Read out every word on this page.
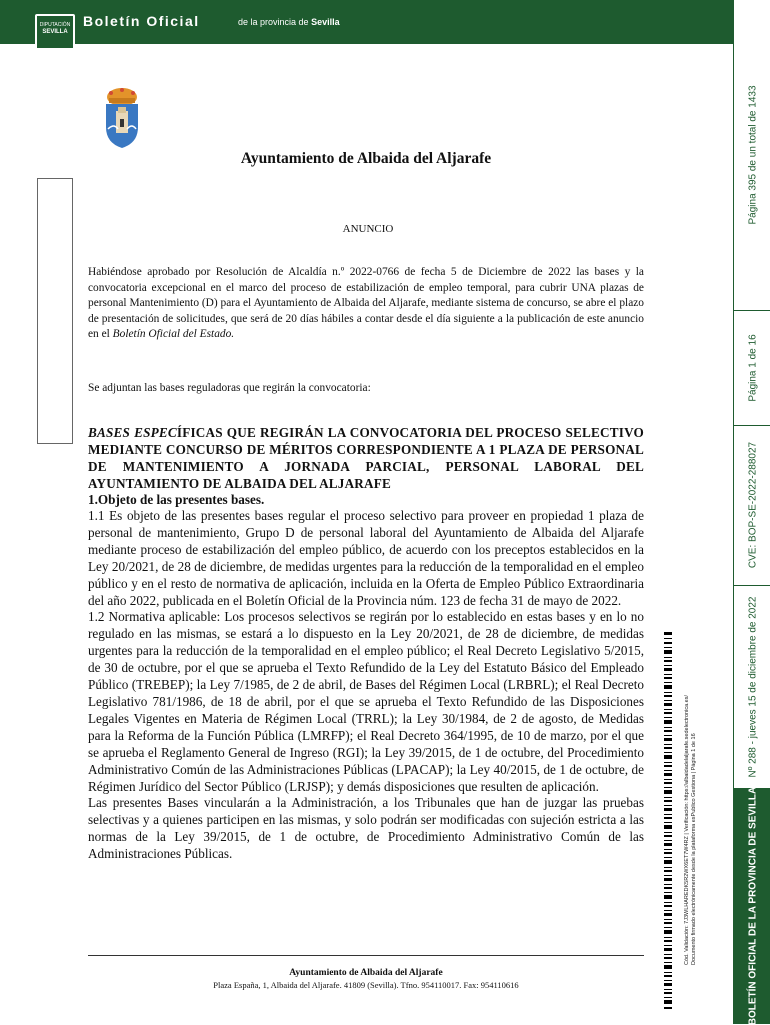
DIPUTACIÓN
SEVILLA
Boletín Oficial	de la provincia de Sevilla
Página 395 de un total de 1433
Página 1 de 16
CVE: BOP-SE-2022-288027
Nº 288 - jueves 15 de diciembre de 2022
BOLETÍN OFICIAL DE LA PROVINCIA DE SEVILLA
Cód. Validación: 7J3WLHAREDK5R2WX6ET7W4RZ | Verificación: https://albaidadelaljarafe.sedelectronica.es/ Documento firmado electrónicamente desde la plataforma esPublico Gestiona | Página 1 de 16
Ayuntamiento de Albaida del Aljarafe
ANUNCIO
Habiéndose aprobado por Resolución de Alcaldía n.º 2022-0766 de fecha 5 de Diciembre de 2022 las bases y la convocatoria excepcional en el marco del proceso de estabilización de empleo temporal, para cubrir UNA plazas de personal Mantenimiento (D) para el Ayuntamiento de Albaida del Aljarafe, mediante sistema de concurso, se abre el plazo de presentación de solicitudes, que será de 20 días hábiles a contar desde el día siguiente a la publicación de este anuncio en el Boletín Oficial del Estado.
Se adjuntan las bases reguladoras que regirán la convocatoria:
BASES ESPECÍFICAS QUE REGIRÁN LA CONVOCATORIA DEL PROCESO SELECTIVO MEDIANTE CONCURSO DE MÉRITOS CORRESPONDIENTE A 1 PLAZA DE PERSONAL DE MANTENIMIENTO A JORNADA PARCIAL, PERSONAL LABORAL DEL AYUNTAMIENTO DE ALBAIDA DEL ALJARAFE
1.Objeto de las presentes bases.

1.1 Es objeto de las presentes bases regular el proceso selectivo para proveer en propiedad 1 plaza de personal de mantenimiento, Grupo D de personal laboral del Ayuntamiento de Albaida del Aljarafe mediante proceso de estabilización del empleo público, de acuerdo con los preceptos establecidos en la Ley 20/2021, de 28 de diciembre, de medidas urgentes para la reducción de la temporalidad en el empleo público y en el resto de normativa de aplicación, incluida en la Oferta de Empleo Público Extraordinaria del año 2022, publicada en el Boletín Oficial de la Provincia núm. 123 de fecha 31 de mayo de 2022.

1.2 Normativa aplicable: Los procesos selectivos se regirán por lo establecido en estas bases y en lo no regulado en las mismas, se estará a lo dispuesto en la Ley 20/2021, de 28 de diciembre, de medidas urgentes para la reducción de la temporalidad en el empleo público; el Real Decreto Legislativo 5/2015, de 30 de octubre, por el que se aprueba el Texto Refundido de la Ley del Estatuto Básico del Empleado Público (TREBEP); la Ley 7/1985, de 2 de abril, de Bases del Régimen Local (LRBRL); el Real Decreto Legislativo 781/1986, de 18 de abril, por el que se aprueba el Texto Refundido de las Disposiciones Legales Vigentes en Materia de Régimen Local (TRRL); la Ley 30/1984, de 2 de agosto, de Medidas para la Reforma de la Función Pública (LMRFP); el Real Decreto 364/1995, de 10 de marzo, por el que se aprueba el Reglamento General de Ingreso (RGI); la Ley 39/2015, de 1 de octubre, del Procedimiento Administrativo Común de las Administraciones Públicas (LPACAP); la Ley 40/2015, de 1 de octubre, de Régimen Jurídico del Sector Público (LRJSP); y demás disposiciones que resulten de aplicación.

Las presentes Bases vincularán a la Administración, a los Tribunales que han de juzgar las pruebas selectivas y a quienes participen en las mismas, y solo podrán ser modificadas con sujeción estricta a las normas de la Ley 39/2015, de 1 de octubre, de Procedimiento Administrativo Común de las Administraciones Públicas.

Ayuntamiento de Albaida del Aljarafe
Plaza España, 1, Albaida del Aljarafe. 41809 (Sevilla). Tfno. 954110017. Fax: 954110616
